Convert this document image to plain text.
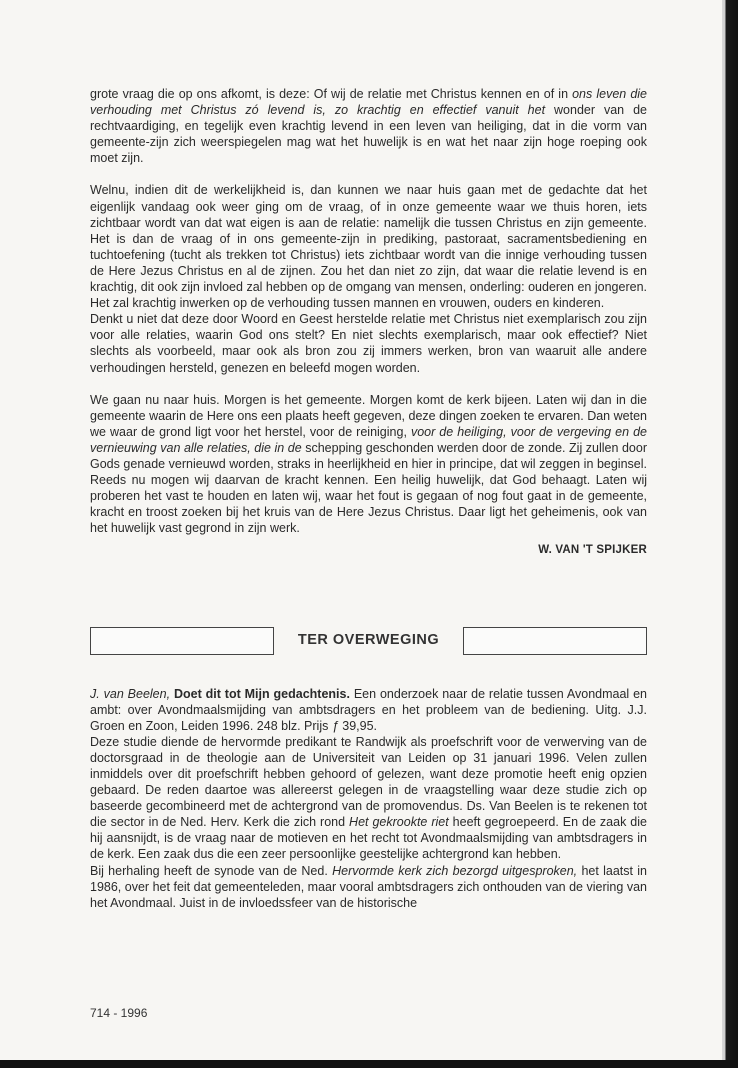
grote vraag die op ons afkomt, is deze: Of wij de relatie met Christus kennen en of in ons leven die verhouding met Christus zó levend is, zo krachtig en effectief vanuit het wonder van de rechtvaardiging, en tegelijk even krachtig levend in een leven van heiliging, dat in die vorm van gemeente-zijn zich weerspiegelen mag wat het huwelijk is en wat het naar zijn hoge roeping ook moet zijn.

Welnu, indien dit de werkelijkheid is, dan kunnen we naar huis gaan met de gedachte dat het eigenlijk vandaag ook weer ging om de vraag, of in onze gemeente waar we thuis horen, iets zichtbaar wordt van dat wat eigen is aan de relatie: namelijk die tussen Christus en zijn gemeente. Het is dan de vraag of in ons gemeente-zijn in prediking, pastoraat, sacramentsbediening en tuchtoefening (tucht als trekken tot Christus) iets zichtbaar wordt van die innige verhouding tussen de Here Jezus Christus en al de zijnen. Zou het dan niet zo zijn, dat waar die relatie levend is en krachtig, dit ook zijn invloed zal hebben op de omgang van mensen, onderling: ouderen en jongeren. Het zal krachtig inwerken op de verhouding tussen mannen en vrouwen, ouders en kinderen.

Denkt u niet dat deze door Woord en Geest herstelde relatie met Christus niet exemplarisch zou zijn voor alle relaties, waarin God ons stelt? En niet slechts exemplarisch, maar ook effectief? Niet slechts als voorbeeld, maar ook als bron zou zij immers werken, bron van waaruit alle andere verhoudingen hersteld, genezen en beleefd mogen worden.

We gaan nu naar huis. Morgen is het gemeente. Morgen komt de kerk bijeen. Laten wij dan in die gemeente waarin de Here ons een plaats heeft gegeven, deze dingen zoeken te ervaren. Dan weten we waar de grond ligt voor het herstel, voor de reiniging, voor de heiliging, voor de vergeving en de vernieuwing van alle relaties, die in de schepping geschonden werden door de zonde. Zij zullen door Gods genade vernieuwd worden, straks in heerlijkheid en hier in principe, dat wil zeggen in beginsel. Reeds nu mogen wij daarvan de kracht kennen. Een heilig huwelijk, dat God behaagt. Laten wij proberen het vast te houden en laten wij, waar het fout is gegaan of nog fout gaat in de gemeente, kracht en troost zoeken bij het kruis van de Here Jezus Christus. Daar ligt het geheimenis, ook van het huwelijk vast gegrond in zijn werk.

W. VAN 'T SPIJKER
TER OVERWEGING

J. van Beelen, Doet dit tot Mijn gedachtenis. Een onderzoek naar de relatie tussen Avondmaal en ambt: over Avondmaalsmijding van ambtsdragers en het probleem van de bediening. Uitg. J.J. Groen en Zoon, Leiden 1996. 248 blz. Prijs ƒ 39,95.

Deze studie diende de hervormde predikant te Randwijk als proefschrift voor de verwerving van de doctorsgraad in de theologie aan de Universiteit van Leiden op 31 januari 1996. Velen zullen inmiddels over dit proefschrift hebben gehoord of gelezen, want deze promotie heeft enig opzien gebaard. De reden daartoe was allereerst gelegen in de vraagstelling waar deze studie zich op baseerde gecombineerd met de achtergrond van de promovendus. Ds. Van Beelen is te rekenen tot die sector in de Ned. Herv. Kerk die zich rond Het gekrookte riet heeft gegroepeerd. En de zaak die hij aansnijdt, is de vraag naar de motieven en het recht tot Avondmaalsmijding van ambtsdragers in de kerk. Een zaak dus die een zeer persoonlijke geestelijke achtergrond kan hebben.

Bij herhaling heeft de synode van de Ned. Hervormde kerk zich bezorgd uitgesproken, het laatst in 1986, over het feit dat gemeenteleden, maar vooral ambtsdragers zich onthouden van de viering van het Avondmaal. Juist in de invloedssfeer van de historische

714 - 1996
